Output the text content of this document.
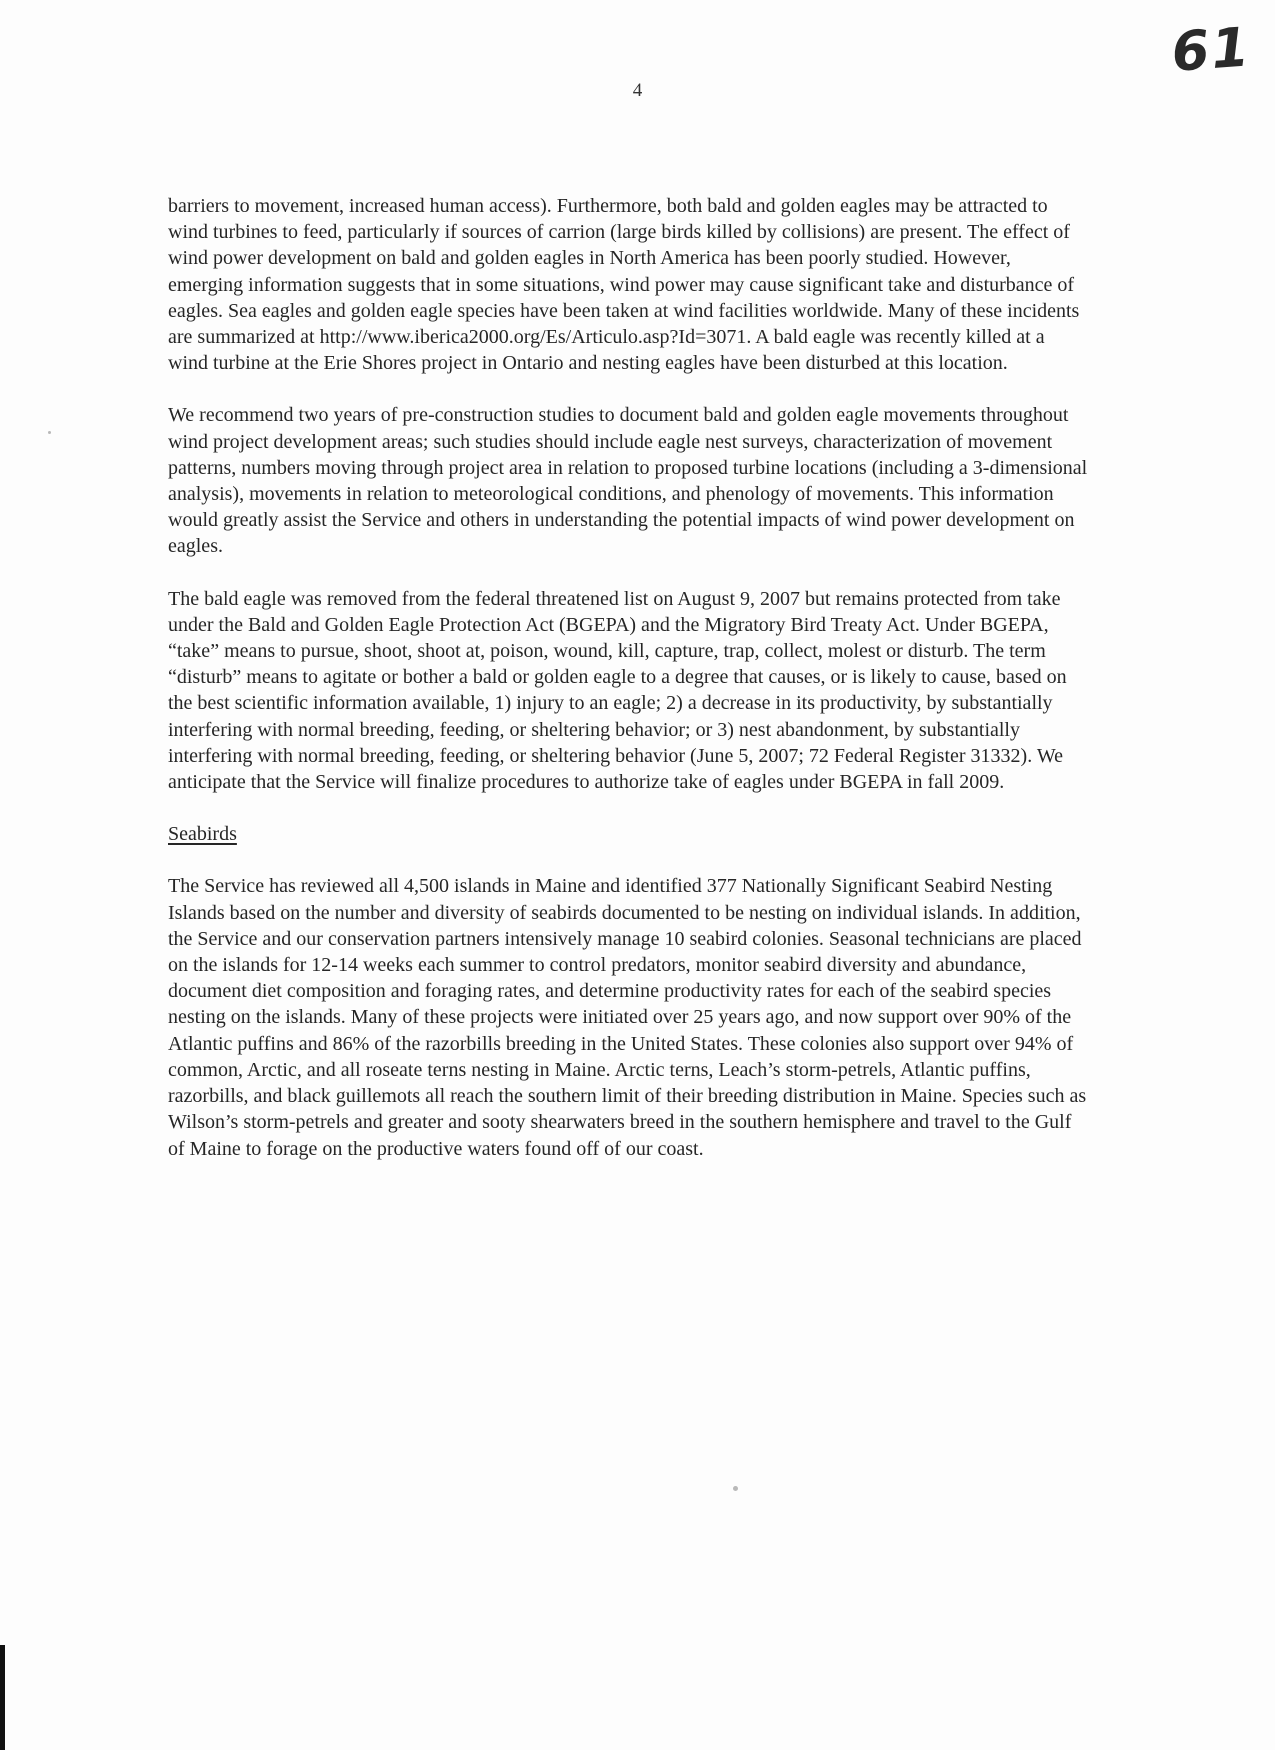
61
4

barriers to movement, increased human access). Furthermore, both bald and golden eagles may be attracted to wind turbines to feed, particularly if sources of carrion (large birds killed by collisions) are present. The effect of wind power development on bald and golden eagles in North America has been poorly studied. However, emerging information suggests that in some situations, wind power may cause significant take and disturbance of eagles. Sea eagles and golden eagle species have been taken at wind facilities worldwide. Many of these incidents are summarized at http://www.iberica2000.org/Es/Articulo.asp?Id=3071. A bald eagle was recently killed at a wind turbine at the Erie Shores project in Ontario and nesting eagles have been disturbed at this location.

We recommend two years of pre-construction studies to document bald and golden eagle movements throughout wind project development areas; such studies should include eagle nest surveys, characterization of movement patterns, numbers moving through project area in relation to proposed turbine locations (including a 3-dimensional analysis), movements in relation to meteorological conditions, and phenology of movements. This information would greatly assist the Service and others in understanding the potential impacts of wind power development on eagles.

The bald eagle was removed from the federal threatened list on August 9, 2007 but remains protected from take under the Bald and Golden Eagle Protection Act (BGEPA) and the Migratory Bird Treaty Act. Under BGEPA, “take” means to pursue, shoot, shoot at, poison, wound, kill, capture, trap, collect, molest or disturb. The term “disturb” means to agitate or bother a bald or golden eagle to a degree that causes, or is likely to cause, based on the best scientific information available, 1) injury to an eagle; 2) a decrease in its productivity, by substantially interfering with normal breeding, feeding, or sheltering behavior; or 3) nest abandonment, by substantially interfering with normal breeding, feeding, or sheltering behavior (June 5, 2007; 72 Federal Register 31332). We anticipate that the Service will finalize procedures to authorize take of eagles under BGEPA in fall 2009.

Seabirds

The Service has reviewed all 4,500 islands in Maine and identified 377 Nationally Significant Seabird Nesting Islands based on the number and diversity of seabirds documented to be nesting on individual islands. In addition, the Service and our conservation partners intensively manage 10 seabird colonies. Seasonal technicians are placed on the islands for 12-14 weeks each summer to control predators, monitor seabird diversity and abundance, document diet composition and foraging rates, and determine productivity rates for each of the seabird species nesting on the islands. Many of these projects were initiated over 25 years ago, and now support over 90% of the Atlantic puffins and 86% of the razorbills breeding in the United States. These colonies also support over 94% of common, Arctic, and all roseate terns nesting in Maine. Arctic terns, Leach’s storm-petrels, Atlantic puffins, razorbills, and black guillemots all reach the southern limit of their breeding distribution in Maine. Species such as Wilson’s storm-petrels and greater and sooty shearwaters breed in the southern hemisphere and travel to the Gulf of Maine to forage on the productive waters found off of our coast.
